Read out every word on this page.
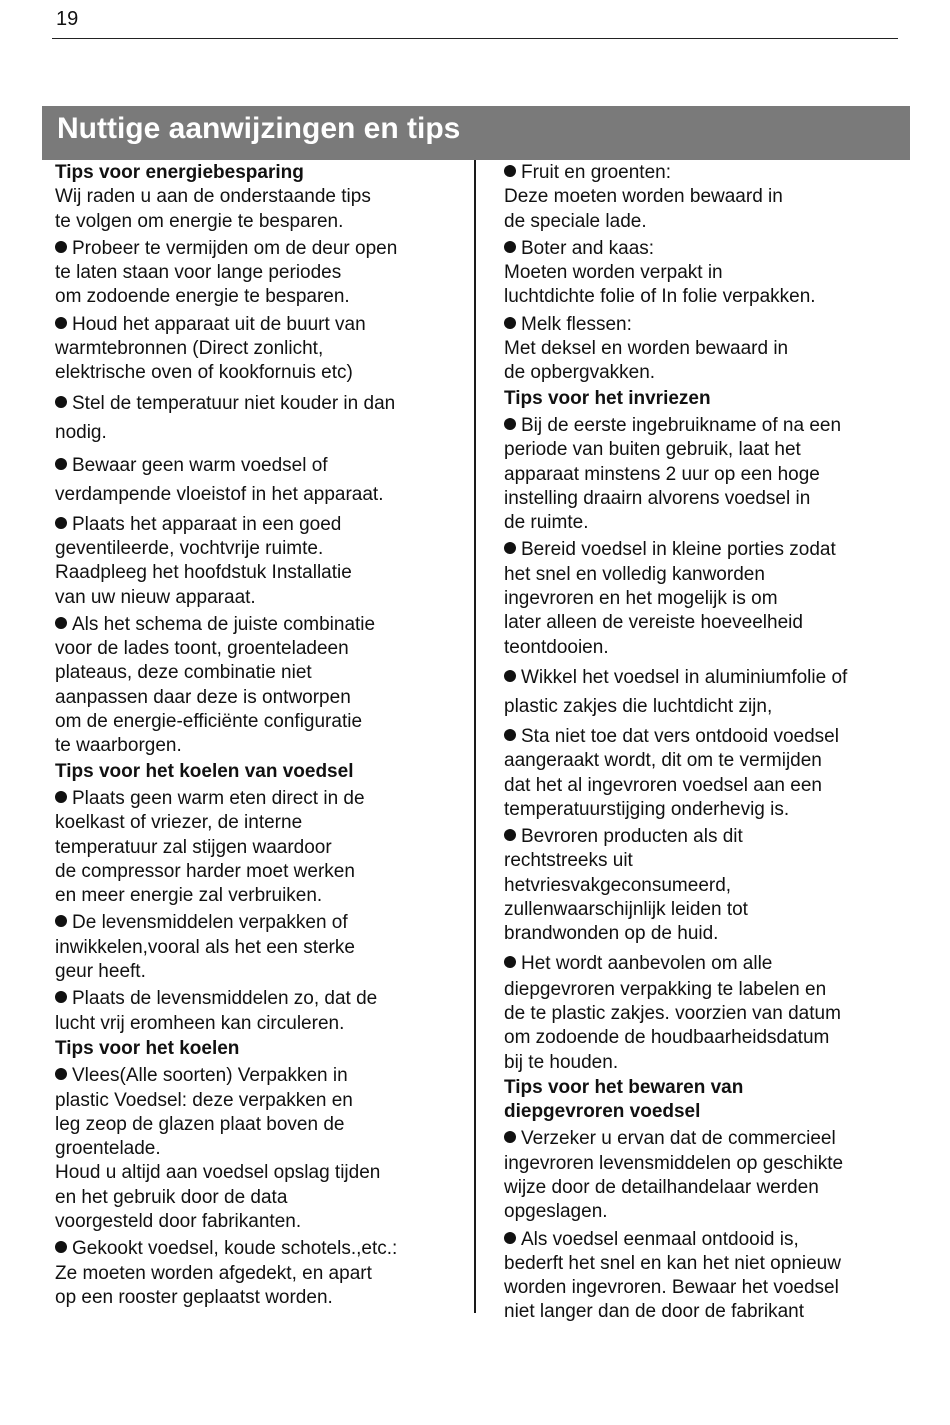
19
Nuttige aanwijzingen en tips

Tips voor energiebesparing

Wij raden u aan de onderstaande tips
te volgen om energie te besparen.

Probeer te vermijden om de deur open
te laten staan voor lange periodes
om zodoende energie te besparen.

Houd het apparaat uit de buurt van
warmtebronnen (Direct zonlicht,
elektrische oven of kookfornuis etc)

Stel de temperatuur niet kouder in dan
nodig.

Bewaar geen warm voedsel of
verdampende vloeistof in het apparaat.

Plaats het apparaat in een goed
geventileerde, vochtvrije ruimte.
Raadpleeg het hoofdstuk Installatie
van uw nieuw apparaat.

Als het schema de juiste combinatie
voor de lades toont, groenteladeen
plateaus, deze combinatie niet
aanpassen daar deze is ontworpen
om de energie-efficiënte configuratie
te waarborgen.

Tips voor het koelen van voedsel

Plaats geen warm eten direct in de
koelkast of vriezer, de interne
temperatuur zal stijgen waardoor
de compressor harder moet werken
en meer energie zal verbruiken.

De levensmiddelen verpakken of
inwikkelen,vooral als het een sterke
geur heeft.

Plaats de levensmiddelen zo, dat de
lucht vrij eromheen kan circuleren.

Tips voor het koelen

Vlees(Alle soorten) Verpakken in
plastic Voedsel: deze verpakken en
leg zeop de glazen plaat boven de
groentelade.
Houd u altijd aan voedsel opslag tijden
en het gebruik door de data
voorgesteld door fabrikanten.

Gekookt voedsel, koude schotels.,etc.:
Ze moeten worden afgedekt, en apart
op een rooster geplaatst worden.

Fruit en groenten:
Deze moeten worden bewaard in
de speciale lade.

Boter and kaas:
Moeten worden verpakt in
luchtdichte folie of In folie verpakken.

Melk flessen:
Met deksel en worden bewaard in
de opbergvakken.

Tips voor het invriezen

Bij de eerste ingebruikname of na een
periode van buiten gebruik, laat het
apparaat minstens 2 uur op een hoge
instelling draairn alvorens voedsel in
de ruimte.

Bereid voedsel in kleine porties zodat
het snel en volledig kanworden
ingevroren en het mogelijk is om
later alleen de vereiste hoeveelheid
teontdooien.

Wikkel het voedsel in aluminiumfolie of
plastic zakjes die luchtdicht zijn,

Sta niet toe dat vers ontdooid voedsel
aangeraakt wordt, dit om te vermijden
dat het al ingevroren voedsel aan een
temperatuurstijging onderhevig is.

Bevroren producten als dit
rechtstreeks uit
hetvriesvakgeconsumeerd,
zullenwaarschijnlijk leiden tot
brandwonden op de huid.

Het wordt aanbevolen om alle
diepgevroren verpakking te labelen en
de te plastic zakjes. voorzien van datum
om zodoende de houdbaarheidsdatum
bij te houden.

Tips voor het bewaren van
diepgevroren voedsel

Verzeker u ervan dat de commercieel
ingevroren levensmiddelen op geschikte
wijze door de detailhandelaar werden
opgeslagen.

Als voedsel eenmaal ontdooid is,
bederft het snel en kan het niet opnieuw
worden ingevroren. Bewaar het voedsel
niet langer dan de door de fabrikant
